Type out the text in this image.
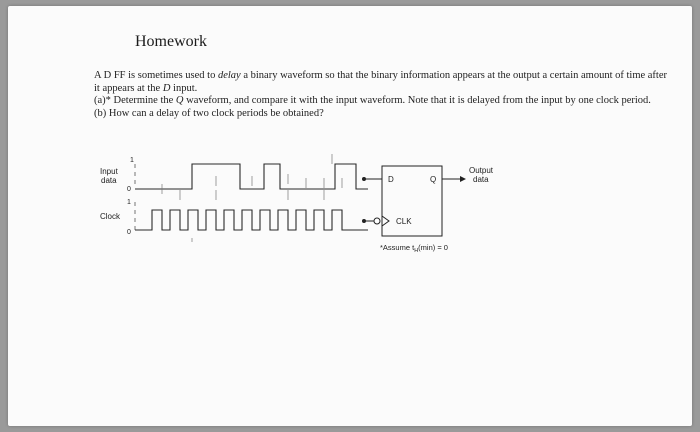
Homework

A D FF is sometimes used to delay a binary waveform so that the binary information appears at the output a certain amount of time after it appears at the D input.

(a)* Determine the Q waveform, and compare it with the input waveform. Note that it is delayed from the input by one clock period.

(b) How can a delay of two clock periods be obtained?

Input
data
Clock
1
0
1
0
D	Q
CLK
Output
data
*Assume $t_H(\min) = 0$
